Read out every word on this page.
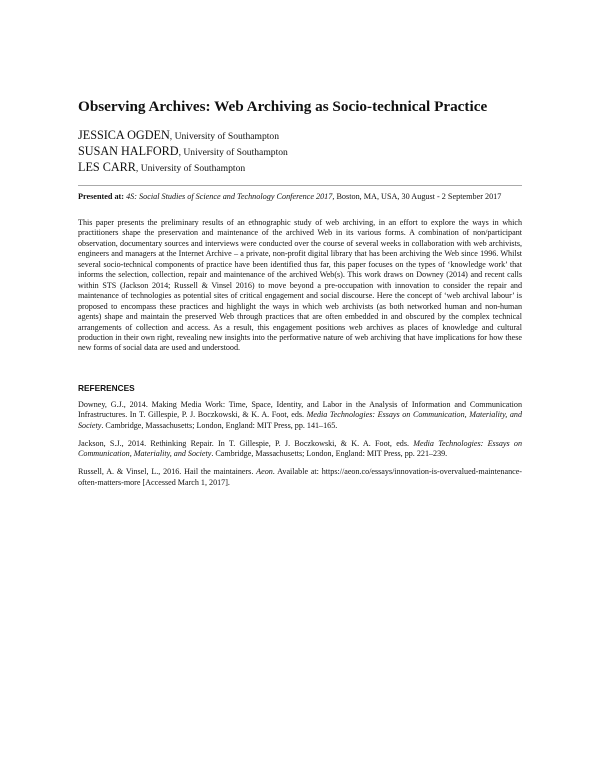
Observing Archives: Web Archiving as Socio-technical Practice
JESSICA OGDEN, University of Southampton
SUSAN HALFORD, University of Southampton
LES CARR, University of Southampton
Presented at: 4S: Social Studies of Science and Technology Conference 2017, Boston, MA, USA, 30 August - 2 September 2017
This paper presents the preliminary results of an ethnographic study of web archiving, in an effort to explore the ways in which practitioners shape the preservation and maintenance of the archived Web in its various forms. A combination of non/participant observation, documentary sources and interviews were conducted over the course of several weeks in collaboration with web archivists, engineers and managers at the Internet Archive – a private, non-profit digital library that has been archiving the Web since 1996. Whilst several socio-technical components of practice have been identified thus far, this paper focuses on the types of ‘knowledge work’ that informs the selection, collection, repair and maintenance of the archived Web(s). This work draws on Downey (2014) and recent calls within STS (Jackson 2014; Russell & Vinsel 2016) to move beyond a pre-occupation with innovation to consider the repair and maintenance of technologies as potential sites of critical engagement and social discourse. Here the concept of ‘web archival labour’ is proposed to encompass these practices and highlight the ways in which web archivists (as both networked human and non-human agents) shape and maintain the preserved Web through practices that are often embedded in and obscured by the complex technical arrangements of collection and access. As a result, this engagement positions web archives as places of knowledge and cultural production in their own right, revealing new insights into the performative nature of web archiving that have implications for how these new forms of social data are used and understood.
REFERENCES
Downey, G.J., 2014. Making Media Work: Time, Space, Identity, and Labor in the Analysis of Information and Communication Infrastructures. In T. Gillespie, P. J. Boczkowski, & K. A. Foot, eds. Media Technologies: Essays on Communication, Materiality, and Society. Cambridge, Massachusetts; London, England: MIT Press, pp. 141–165.
Jackson, S.J., 2014. Rethinking Repair. In T. Gillespie, P. J. Boczkowski, & K. A. Foot, eds. Media Technologies: Essays on Communication, Materiality, and Society. Cambridge, Massachusetts; London, England: MIT Press, pp. 221–239.
Russell, A. & Vinsel, L., 2016. Hail the maintainers. Aeon. Available at: https://aeon.co/essays/innovation-is-overvalued-maintenance-often-matters-more [Accessed March 1, 2017].
